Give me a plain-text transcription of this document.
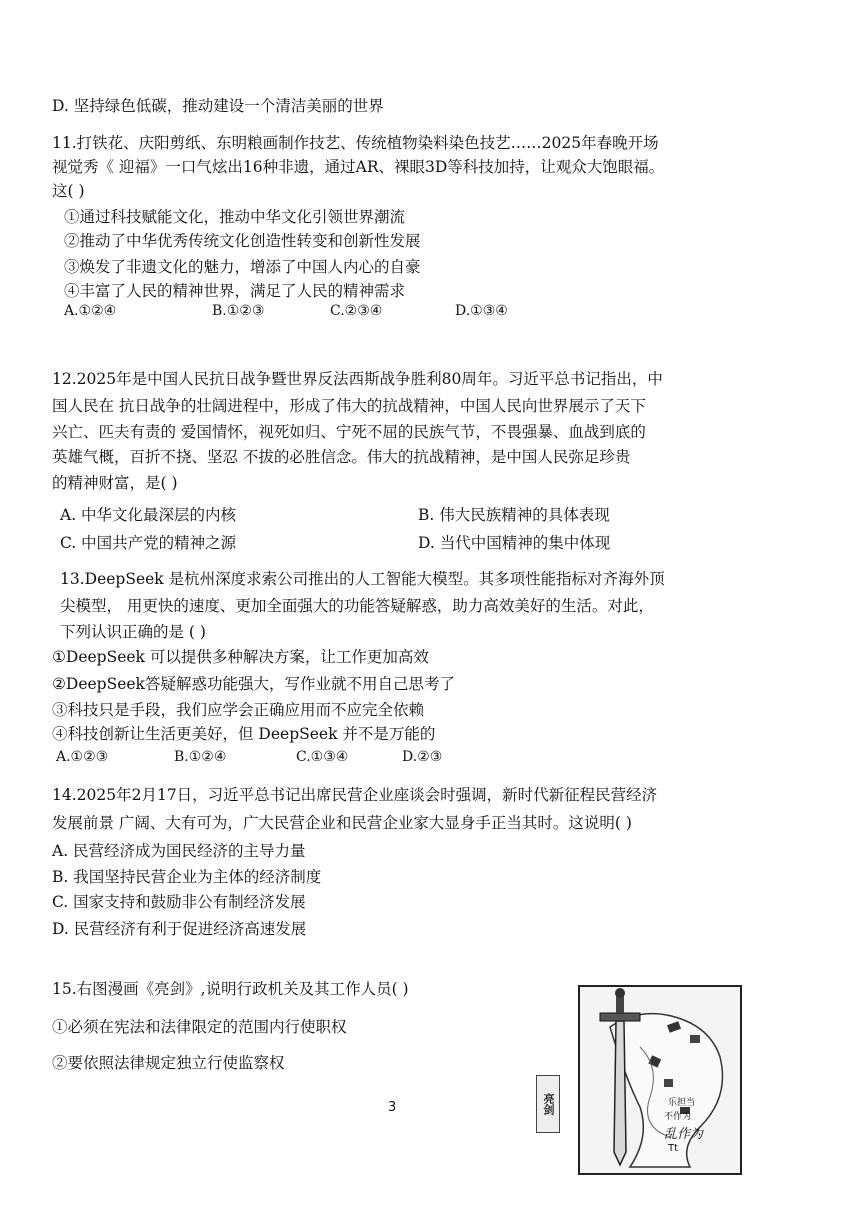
D. 坚持绿色低碳，推动建设一个清洁美丽的世界
11.打铁花、庆阳剪纸、东明粮画制作技艺、传统植物染料染色技艺……2025年春晚开场
视觉秀《 迎福》一口气炫出16种非遗，通过AR、裸眼3D等科技加持，让观众大饱眼福。
这( )
①通过科技赋能文化，推动中华文化引领世界潮流
②推动了中华优秀传统文化创造性转变和创新性发展
③焕发了非遗文化的魅力，增添了中国人内心的自豪
④丰富了人民的精神世界，满足了人民的精神需求
A.①②④	B.①②③	C.②③④	D.①③④
12.2025年是中国人民抗日战争暨世界反法西斯战争胜利80周年。习近平总书记指出，中
国人民在 抗日战争的壮阔进程中，形成了伟大的抗战精神，中国人民向世界展示了天下
兴亡、匹夫有责的 爱国情怀，视死如归、宁死不屈的民族气节，不畏强暴、血战到底的
英雄气概，百折不挠、坚忍 不拔的必胜信念。伟大的抗战精神，是中国人民弥足珍贵
的精神财富，是( )
A. 中华文化最深层的内核	B. 伟大民族精神的具体表现
C. 中国共产党的精神之源	D. 当代中国精神的集中体现
13.DeepSeek 是杭州深度求索公司推出的人工智能大模型。其多项性能指标对齐海外顶
尖模型， 用更快的速度、更加全面强大的功能答疑解惑，助力高效美好的生活。对此，
下列认识正确的是 ( )
①DeepSeek 可以提供多种解决方案，让工作更加高效
②DeepSeek答疑解惑功能强大，写作业就不用自己思考了
③科技只是手段，我们应学会正确应用而不应完全依赖
④科技创新让生活更美好，但 DeepSeek 并不是万能的
A.①②③	B.①②④	C.①③④	D.②③
14.2025年2月17日，习近平总书记出席民营企业座谈会时强调，新时代新征程民营经济
发展前景 广阔、大有可为，广大民营企业和民营企业家大显身手正当其时。这说明( )
A. 民营经济成为国民经济的主导力量
B. 我国坚持民营企业为主体的经济制度
C. 国家支持和鼓励非公有制经济发展
D. 民营经济有利于促进经济高速发展
15.右图漫画《亮剑》,说明行政机关及其工作人员( )
①必须在宪法和法律限定的范围内行使职权
②要依照法律规定独立行使监察权
亮剑	乐担当
不作为
乱作为
Tt
3
